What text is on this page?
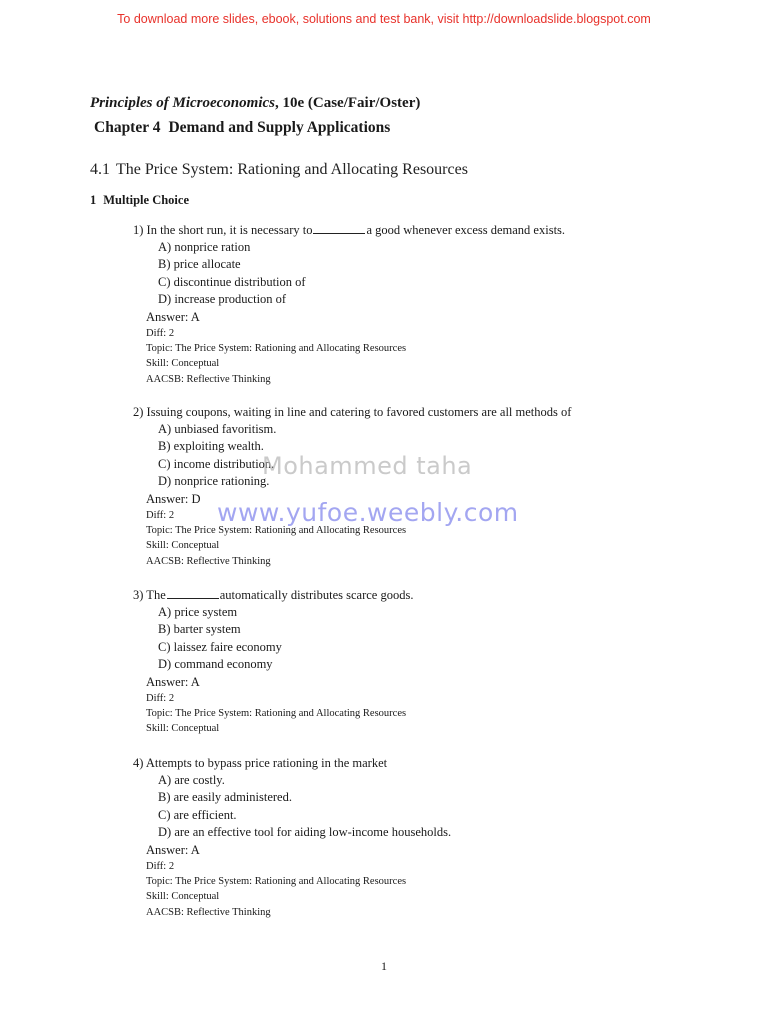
To download more slides, ebook, solutions and test bank, visit http://downloadslide.blogspot.com
Principles of Microeconomics, 10e (Case/Fair/Oster)
Chapter 4 Demand and Supply Applications
4.1 The Price System: Rationing and Allocating Resources
1 Multiple Choice
1) In the short run, it is necessary to	a good whenever excess demand exists.
A) nonprice ration
B) price allocate
C) discontinue distribution of
D) increase production of
Answer: A
Diff: 2
Topic: The Price System: Rationing and Allocating Resources
Skill: Conceptual
AACSB: Reflective Thinking
2) Issuing coupons, waiting in line and catering to favored customers are all methods of
A) unbiased favoritism.
B) exploiting wealth.
C) income distribution.
D) nonprice rationing.
Answer: D
Diff: 2
Topic: The Price System: Rationing and Allocating Resources
Skill: Conceptual
AACSB: Reflective Thinking
3) The	automatically distributes scarce goods.
A) price system
B) barter system
C) laissez faire economy
D) command economy
Answer: A
Diff: 2
Topic: The Price System: Rationing and Allocating Resources
Skill: Conceptual
4) Attempts to bypass price rationing in the market
A) are costly.
B) are easily administered.
C) are efficient.
D) are an effective tool for aiding low-income households.
Answer: A
Diff: 2
Topic: The Price System: Rationing and Allocating Resources
Skill: Conceptual
AACSB: Reflective Thinking
Mohammed taha
www.yufoe.weebly.com
1
